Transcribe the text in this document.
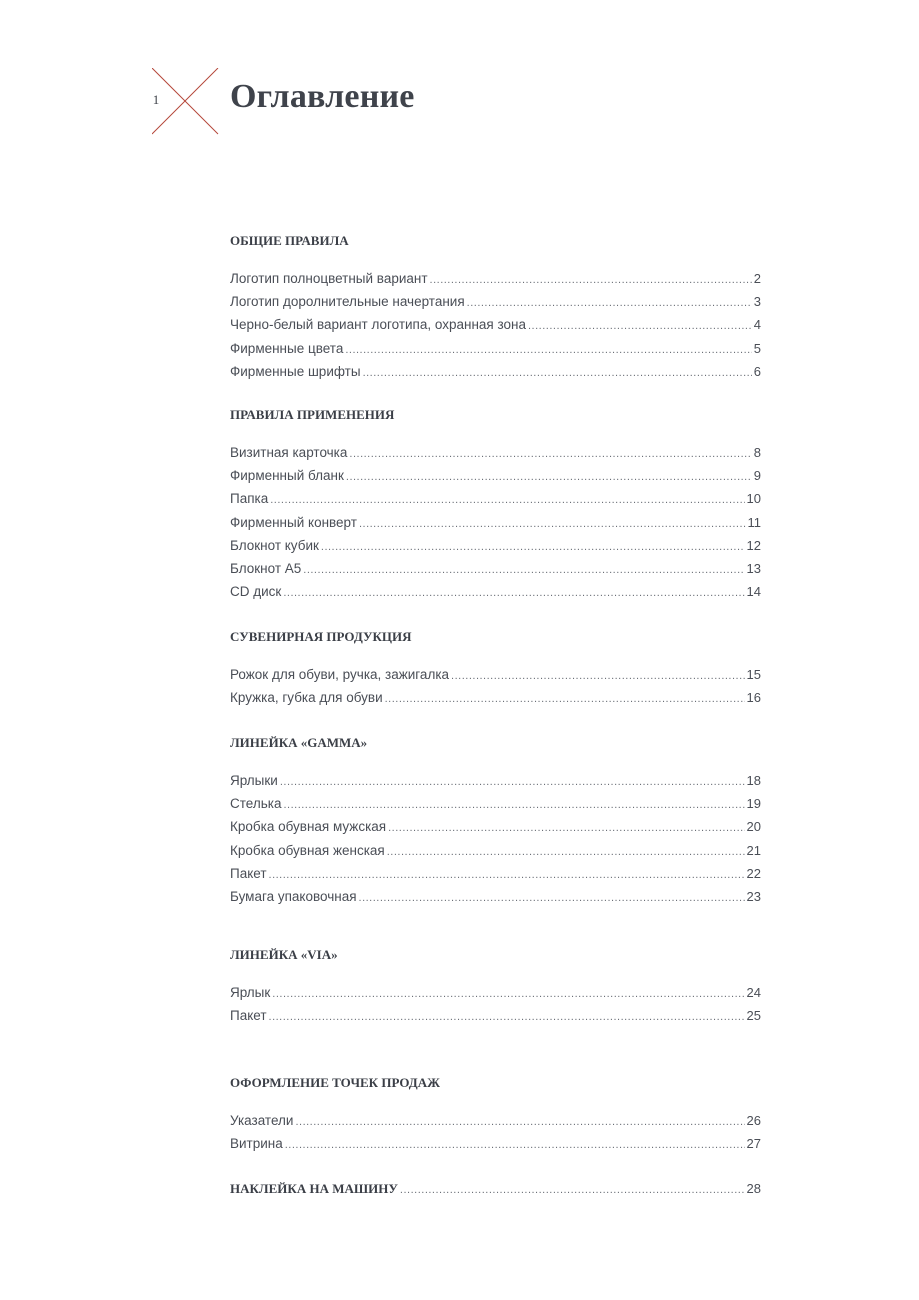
1 Оглавление
ОБЩИЕ ПРАВИЛА
Логотип полноцветный вариант .....	2
Логотип доролнительные начертания .....	3
Черно-белый вариант логотипа, охранная зона .....	4
Фирменные цвета .....	5
Фирменные шрифты .....	6
ПРАВИЛА ПРИМЕНЕНИЯ
Визитная карточка .....	8
Фирменный бланк .....	9
Папка .....	10
Фирменный конверт .....	11
Блокнот кубик .....	12
Блокнот А5 .....	13
CD диск .....	14
СУВЕНИРНАЯ ПРОДУКЦИЯ
Рожок для обуви, ручка, зажигалка .....	15
Кружка, губка для обуви .....	16
ЛИНЕЙКА «GAMMA»
Ярлыки .....	18
Стелька .....	19
Кробка обувная мужская .....	20
Кробка обувная женская .....	21
Пакет .....	22
Бумага упаковочная .....	23
ЛИНЕЙКА «VIA»
Ярлык .....	24
Пакет .....	25
ОФОРМЛЕНИЕ ТОЧЕК ПРОДАЖ
Указатели .....	26
Витрина .....	27
НАКЛЕЙКА НА МАШИНУ .....	28
